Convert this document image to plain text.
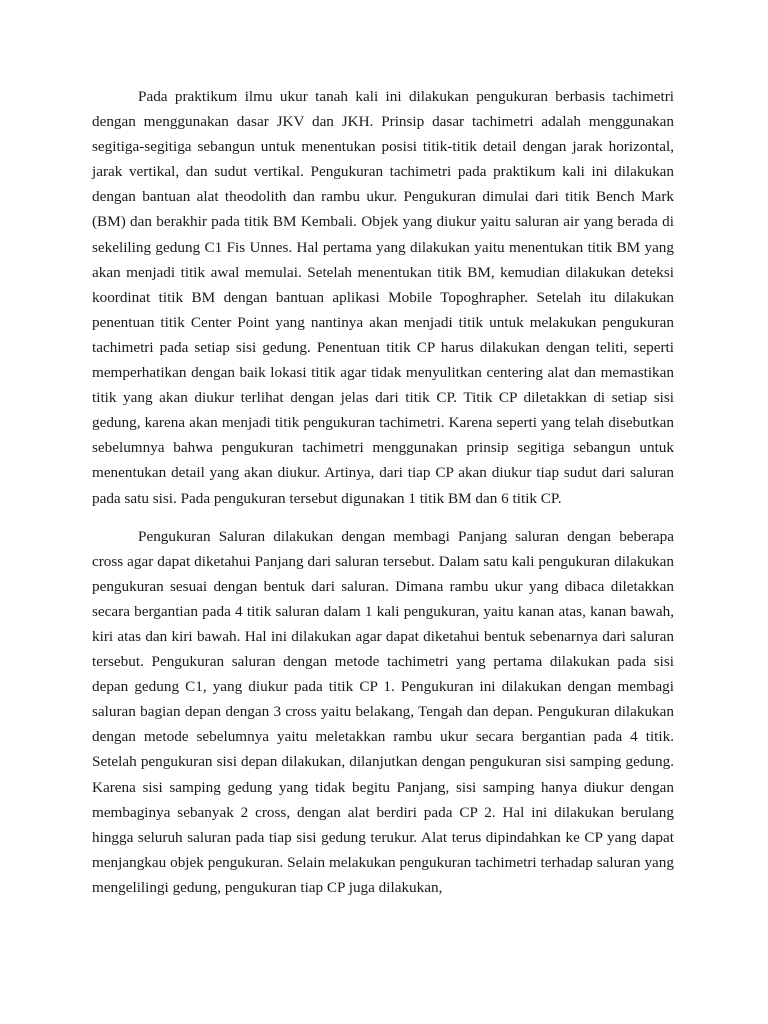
Pada praktikum ilmu ukur tanah kali ini dilakukan pengukuran berbasis tachimetri dengan menggunakan dasar JKV dan JKH. Prinsip dasar tachimetri adalah menggunakan segitiga-segitiga sebangun untuk menentukan posisi titik-titik detail dengan jarak horizontal, jarak vertikal, dan sudut vertikal. Pengukuran tachimetri pada praktikum kali ini dilakukan dengan bantuan alat theodolith dan rambu ukur. Pengukuran dimulai dari titik Bench Mark (BM) dan berakhir pada titik BM Kembali. Objek yang diukur yaitu saluran air yang berada di sekeliling gedung C1 Fis Unnes. Hal pertama yang dilakukan yaitu menentukan titik BM yang akan menjadi titik awal memulai. Setelah menentukan titik BM, kemudian dilakukan deteksi koordinat titik BM dengan bantuan aplikasi Mobile Topoghrapher. Setelah itu dilakukan penentuan titik Center Point yang nantinya akan menjadi titik untuk melakukan pengukuran tachimetri pada setiap sisi gedung. Penentuan titik CP harus dilakukan dengan teliti, seperti memperhatikan dengan baik lokasi titik agar tidak menyulitkan centering alat dan memastikan titik yang akan diukur terlihat dengan jelas dari titik CP. Titik CP diletakkan di setiap sisi gedung, karena akan menjadi titik pengukuran tachimetri. Karena seperti yang telah disebutkan sebelumnya bahwa pengukuran tachimetri menggunakan prinsip segitiga sebangun untuk menentukan detail yang akan diukur. Artinya, dari tiap CP akan diukur tiap sudut dari saluran pada satu sisi. Pada pengukuran tersebut digunakan 1 titik BM dan 6 titik CP.

Pengukuran Saluran dilakukan dengan membagi Panjang saluran dengan beberapa cross agar dapat diketahui Panjang dari saluran tersebut. Dalam satu kali pengukuran dilakukan pengukuran sesuai dengan bentuk dari saluran. Dimana rambu ukur yang dibaca diletakkan secara bergantian pada 4 titik saluran dalam 1 kali pengukuran, yaitu kanan atas, kanan bawah, kiri atas dan kiri bawah. Hal ini dilakukan agar dapat diketahui bentuk sebenarnya dari saluran tersebut. Pengukuran saluran dengan metode tachimetri yang pertama dilakukan pada sisi depan gedung C1, yang diukur pada titik CP 1. Pengukuran ini dilakukan dengan membagi saluran bagian depan dengan 3 cross yaitu belakang, Tengah dan depan. Pengukuran dilakukan dengan metode sebelumnya yaitu meletakkan rambu ukur secara bergantian pada 4 titik. Setelah pengukuran sisi depan dilakukan, dilanjutkan dengan pengukuran sisi samping gedung. Karena sisi samping gedung yang tidak begitu Panjang, sisi samping hanya diukur dengan membaginya sebanyak 2 cross, dengan alat berdiri pada CP 2. Hal ini dilakukan berulang hingga seluruh saluran pada tiap sisi gedung terukur. Alat terus dipindahkan ke CP yang dapat menjangkau objek pengukuran. Selain melakukan pengukuran tachimetri terhadap saluran yang mengelilingi gedung, pengukuran tiap CP juga dilakukan,
